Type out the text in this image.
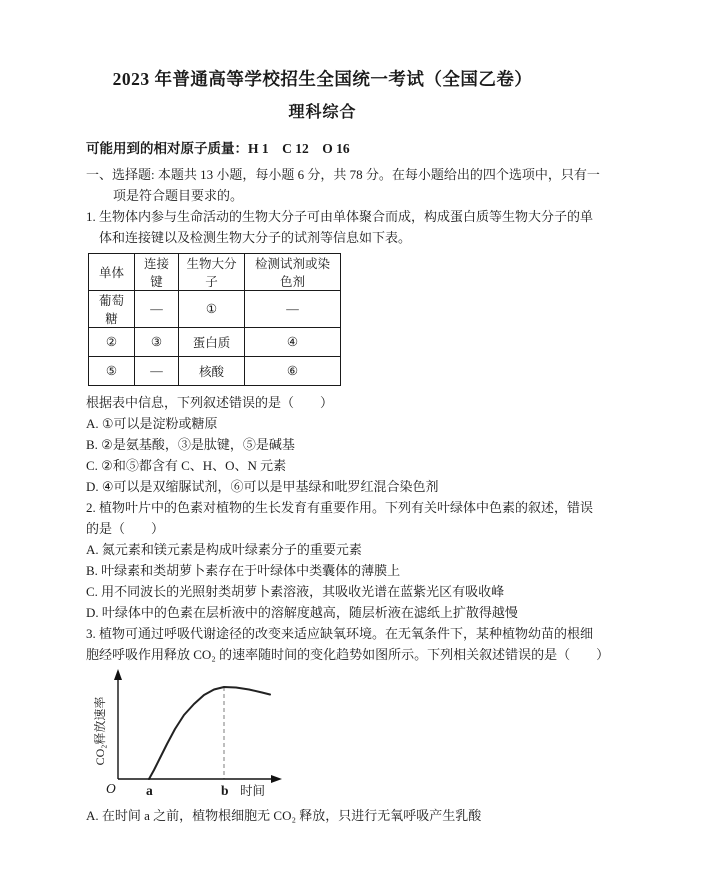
2023 年普通高等学校招生全国统一考试（全国乙卷）
理科综合

可能用到的相对原子质量：H 1    C 12    O 16

一、选择题: 本题共 13 小题，每小题 6 分，共 78 分。在每小题给出的四个选项中，只有一

项是符合题目要求的。

1. 生物体内参与生命活动的生物大分子可由单体聚合而成，构成蛋白质等生物大分子的单

体和连接键以及检测生物大分子的试剂等信息如下表。

单体	连接键	生物大分子	检测试剂或染色剂
葡萄糖	—	①	—
②	③	蛋白质	④
⑤	—	核酸	⑥

根据表中信息，下列叙述错误的是（　　）

A. ①可以是淀粉或糖原

B. ②是氨基酸，③是肽键，⑤是碱基

C. ②和⑤都含有 C、H、O、N 元素

D. ④可以是双缩脲试剂，⑥可以是甲基绿和吡罗红混合染色剂

2. 植物叶片中的色素对植物的生长发育有重要作用。下列有关叶绿体中色素的叙述，错误

的是（　　）

A. 氮元素和镁元素是构成叶绿素分子的重要元素

B. 叶绿素和类胡萝卜素存在于叶绿体中类囊体的薄膜上

C. 用不同波长的光照射类胡萝卜素溶液，其吸收光谱在蓝紫光区有吸收峰

D. 叶绿体中的色素在层析液中的溶解度越高，随层析液在滤纸上扩散得越慢

3. 植物可通过呼吸代谢途径的改变来适应缺氧环境。在无氧条件下，某种植物幼苗的根细

胞经呼吸作用释放 CO₂ 的速率随时间的变化趋势如图所示。下列相关叙述错误的是（　　）

CO₂释放速率
O a	b 时间

A. 在时间 a 之前，植物根细胞无 CO₂ 释放，只进行无氧呼吸产生乳酸
